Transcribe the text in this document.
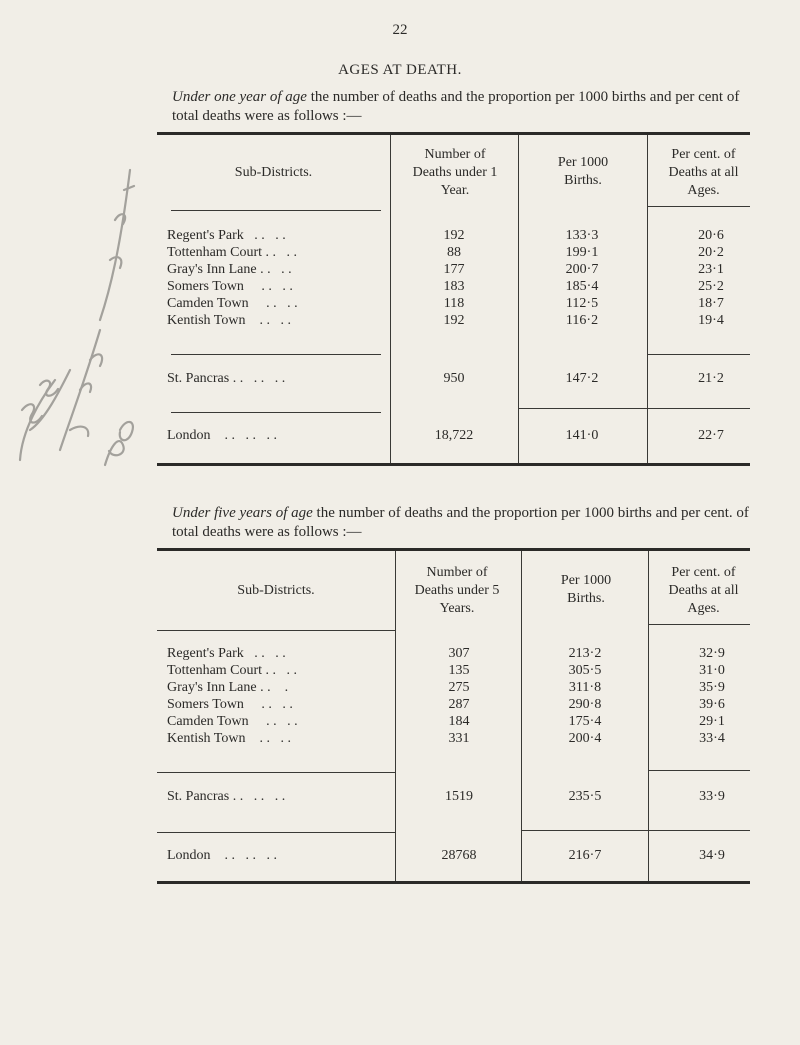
22
AGES AT DEATH.
Under one year of age the number of deaths and the proportion per 1000 births and per cent of total deaths were as follows :—
Sub-Districts.
Number of Deaths under 1 Year.
Per 1000 Births.
Per cent. of Deaths at all Ages.
Regent's Park   . .   . .	192	133·3	20·6
Tottenham Court . .   . .	88	199·1	20·2
Gray's Inn Lane . .   . .	177	200·7	23·1
Somers Town     . .   . .	183	185·4	25·2
Camden Town     . .   . .	118	112·5	18·7
Kentish Town    . .   . .	192	116·2	19·4
St. Pancras . .   . .   . .	950	147·2	21·2
London    . .   . .   . .	18,722	141·0	22·7
Under five years of age the number of deaths and the proportion per 1000 births and per cent. of total deaths were as follows :—
Sub-Districts.
Number of Deaths under 5 Years.
Per 1000 Births.
Per cent. of Deaths at all Ages.
Regent's Park   . .   . .	307	213·2	32·9
Tottenham Court . .   . .	135	305·5	31·0
Gray's Inn Lane . .    .	275	311·8	35·9
Somers Town     . .   . .	287	290·8	39·6
Camden Town     . .   . .	184	175·4	29·1
Kentish Town    . .   . .	331	200·4	33·4
St. Pancras . .   . .   . .	1519	235·5	33·9
London    . .   . .   . .	28768	216·7	34·9
